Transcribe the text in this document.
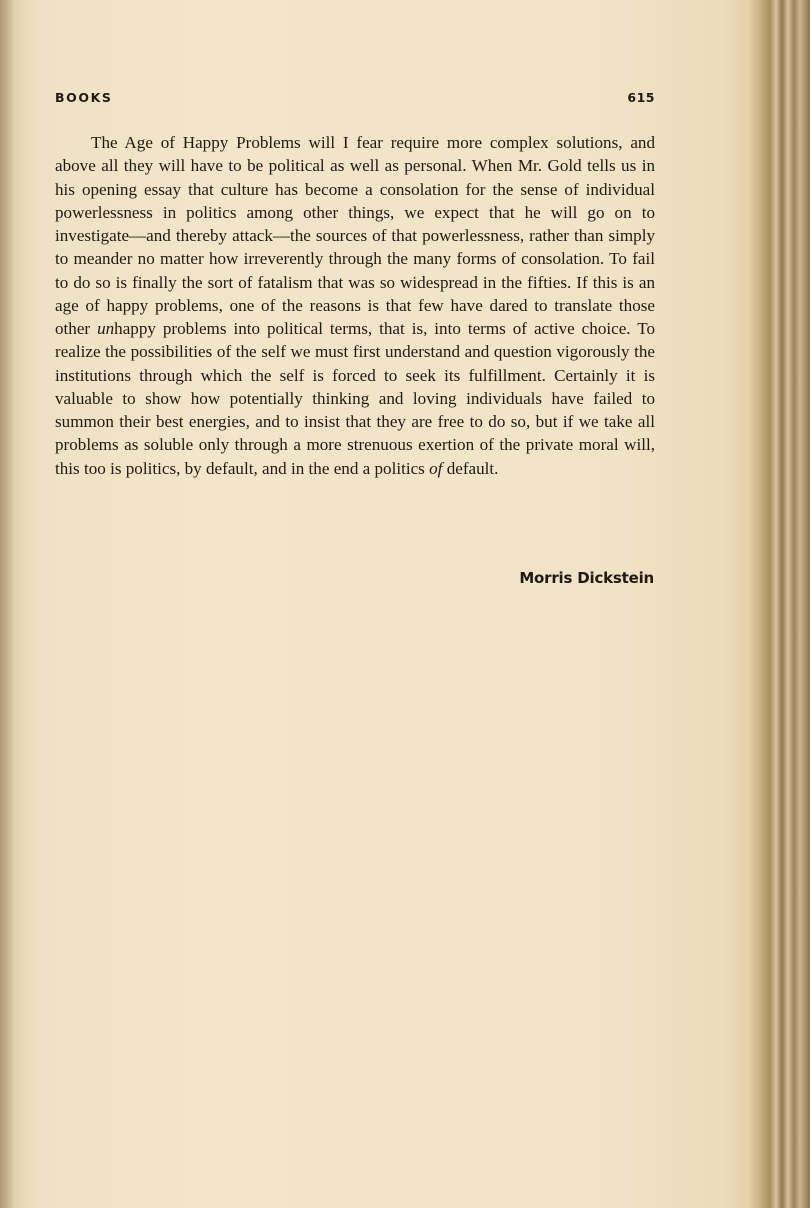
BOOKS	615

The Age of Happy Problems will I fear require more complex solutions, and above all they will have to be political as well as personal. When Mr. Gold tells us in his opening essay that culture has become a consolation for the sense of individual powerlessness in politics among other things, we expect that he will go on to investigate—and thereby attack—the sources of that powerlessness, rather than simply to meander no matter how irreverently through the many forms of consolation. To fail to do so is finally the sort of fatalism that was so widespread in the fifties. If this is an age of happy problems, one of the reasons is that few have dared to translate those other unhappy problems into political terms, that is, into terms of active choice. To realize the possibilities of the self we must first understand and question vigorously the institutions through which the self is forced to seek its fulfillment. Certainly it is valuable to show how potentially thinking and loving individuals have failed to summon their best energies, and to insist that they are free to do so, but if we take all problems as soluble only through a more strenuous exertion of the private moral will, this too is politics, by default, and in the end a politics of default.

Morris Dickstein
